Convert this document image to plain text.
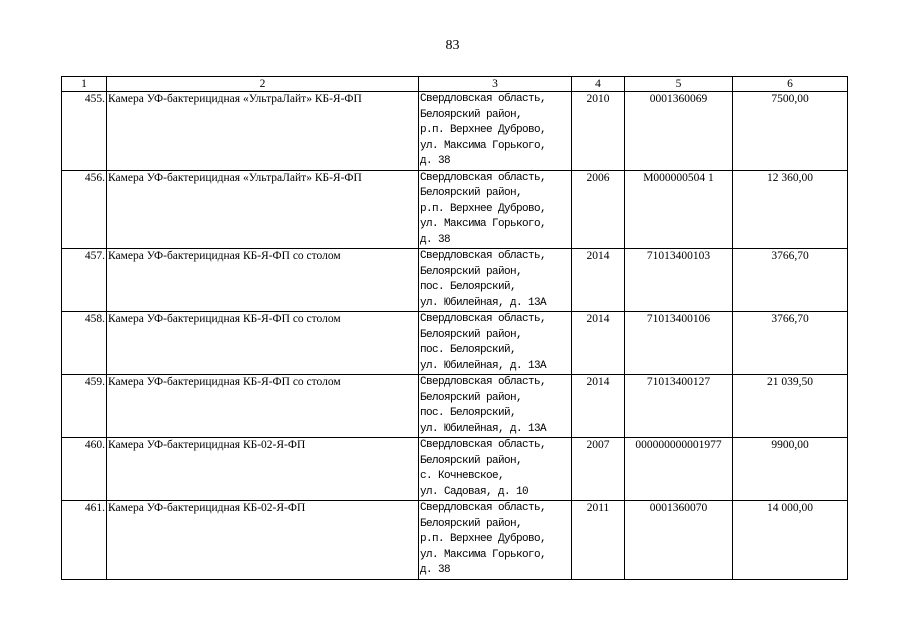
83
1	2	3	4	5	6
455.	Камера УФ-бактерицидная «УльтраЛайт» КБ-Я-ФП	Свердловская область,
Белоярский район,
р.п. Верхнее Дуброво,
ул. Максима Горького,
д. 38	2010	0001360069	7500,00
456.	Камера УФ-бактерицидная «УльтраЛайт» КБ-Я-ФП	Свердловская область,
Белоярский район,
р.п. Верхнее Дуброво,
ул. Максима Горького,
д. 38	2006	М000000504 1	12 360,00
457.	Камера УФ-бактерицидная КБ-Я-ФП со столом	Свердловская область,
Белоярский район,
пос. Белоярский,
ул. Юбилейная, д. 13А	2014	71013400103	3766,70
458.	Камера УФ-бактерицидная КБ-Я-ФП со столом	Свердловская область,
Белоярский район,
пос. Белоярский,
ул. Юбилейная, д. 13А	2014	71013400106	3766,70
459.	Камера УФ-бактерицидная КБ-Я-ФП со столом	Свердловская область,
Белоярский район,
пос. Белоярский,
ул. Юбилейная, д. 13А	2014	71013400127	21 039,50
460.	Камера УФ-бактерицидная КБ-02-Я-ФП	Свердловская область,
Белоярский район,
с. Кочневское,
ул. Садовая, д. 10	2007	000000000001977	9900,00
461.	Камера УФ-бактерицидная КБ-02-Я-ФП	Свердловская область,
Белоярский район,
р.п. Верхнее Дуброво,
ул. Максима Горького,
д. 38	2011	0001360070	14 000,00
